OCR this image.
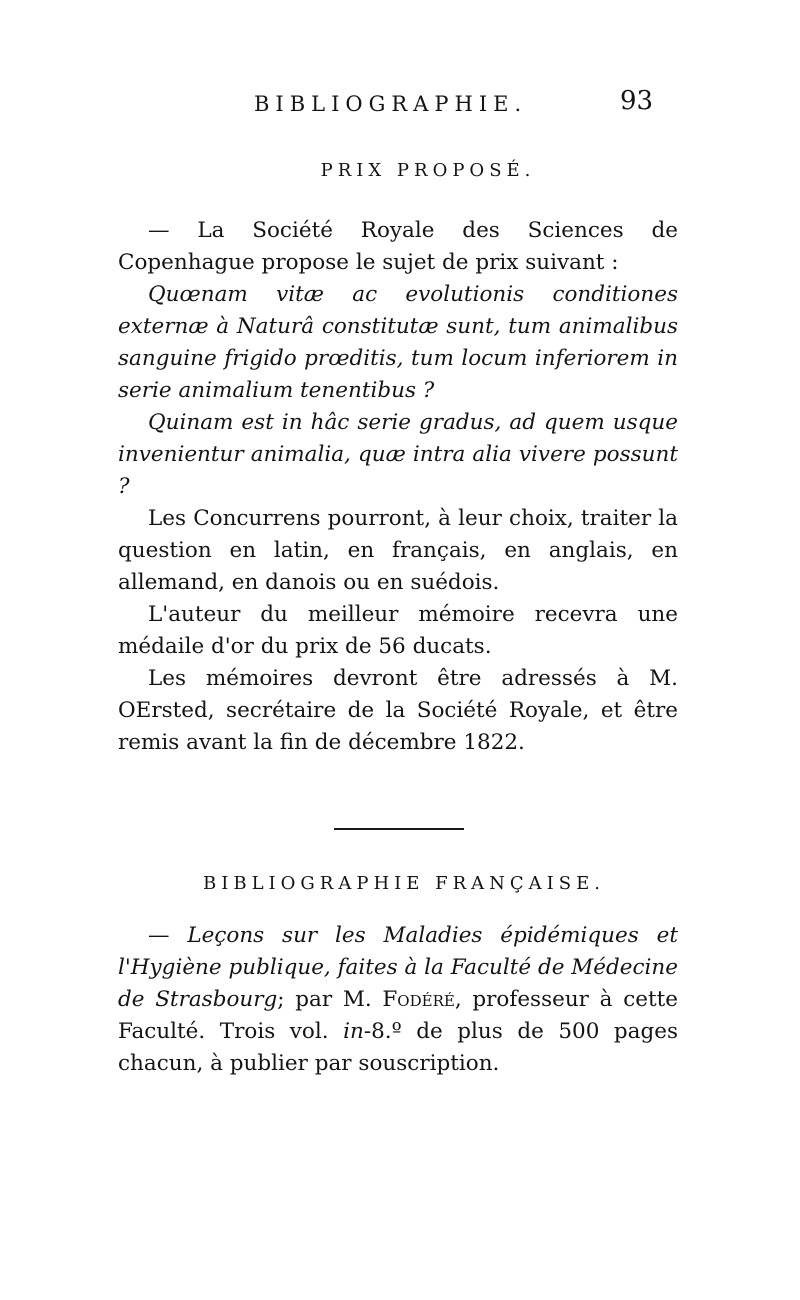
BIBLIOGRAPHIE.	93
PRIX PROPOSÉ.

— La Société Royale des Sciences de Copenhague propose le sujet de prix suivant :

Quœnam vitæ ac evolutionis conditiones externæ à Naturâ constitutæ sunt, tum animalibus sanguine frigido prœditis, tum locum inferiorem in serie animalium tenentibus ?

Quinam est in hâc serie gradus, ad quem usque invenientur animalia, quæ intra alia vivere possunt ?

Les Concurrens pourront, à leur choix, traiter la question en latin, en français, en anglais, en allemand, en danois ou en suédois.

L'auteur du meilleur mémoire recevra une médaile d'or du prix de 56 ducats.

Les mémoires devront être adressés à M. OErsted, secrétaire de la Société Royale, et être remis avant la fin de décembre 1822.

BIBLIOGRAPHIE FRANÇAISE.

— Leçons sur les Maladies épidémiques et l'Hygiène publique, faites à la Faculté de Médecine de Strasbourg; par M. Fodéré, professeur à cette Faculté. Trois vol. in-8.º de plus de 500 pages chacun, à publier par souscription.
